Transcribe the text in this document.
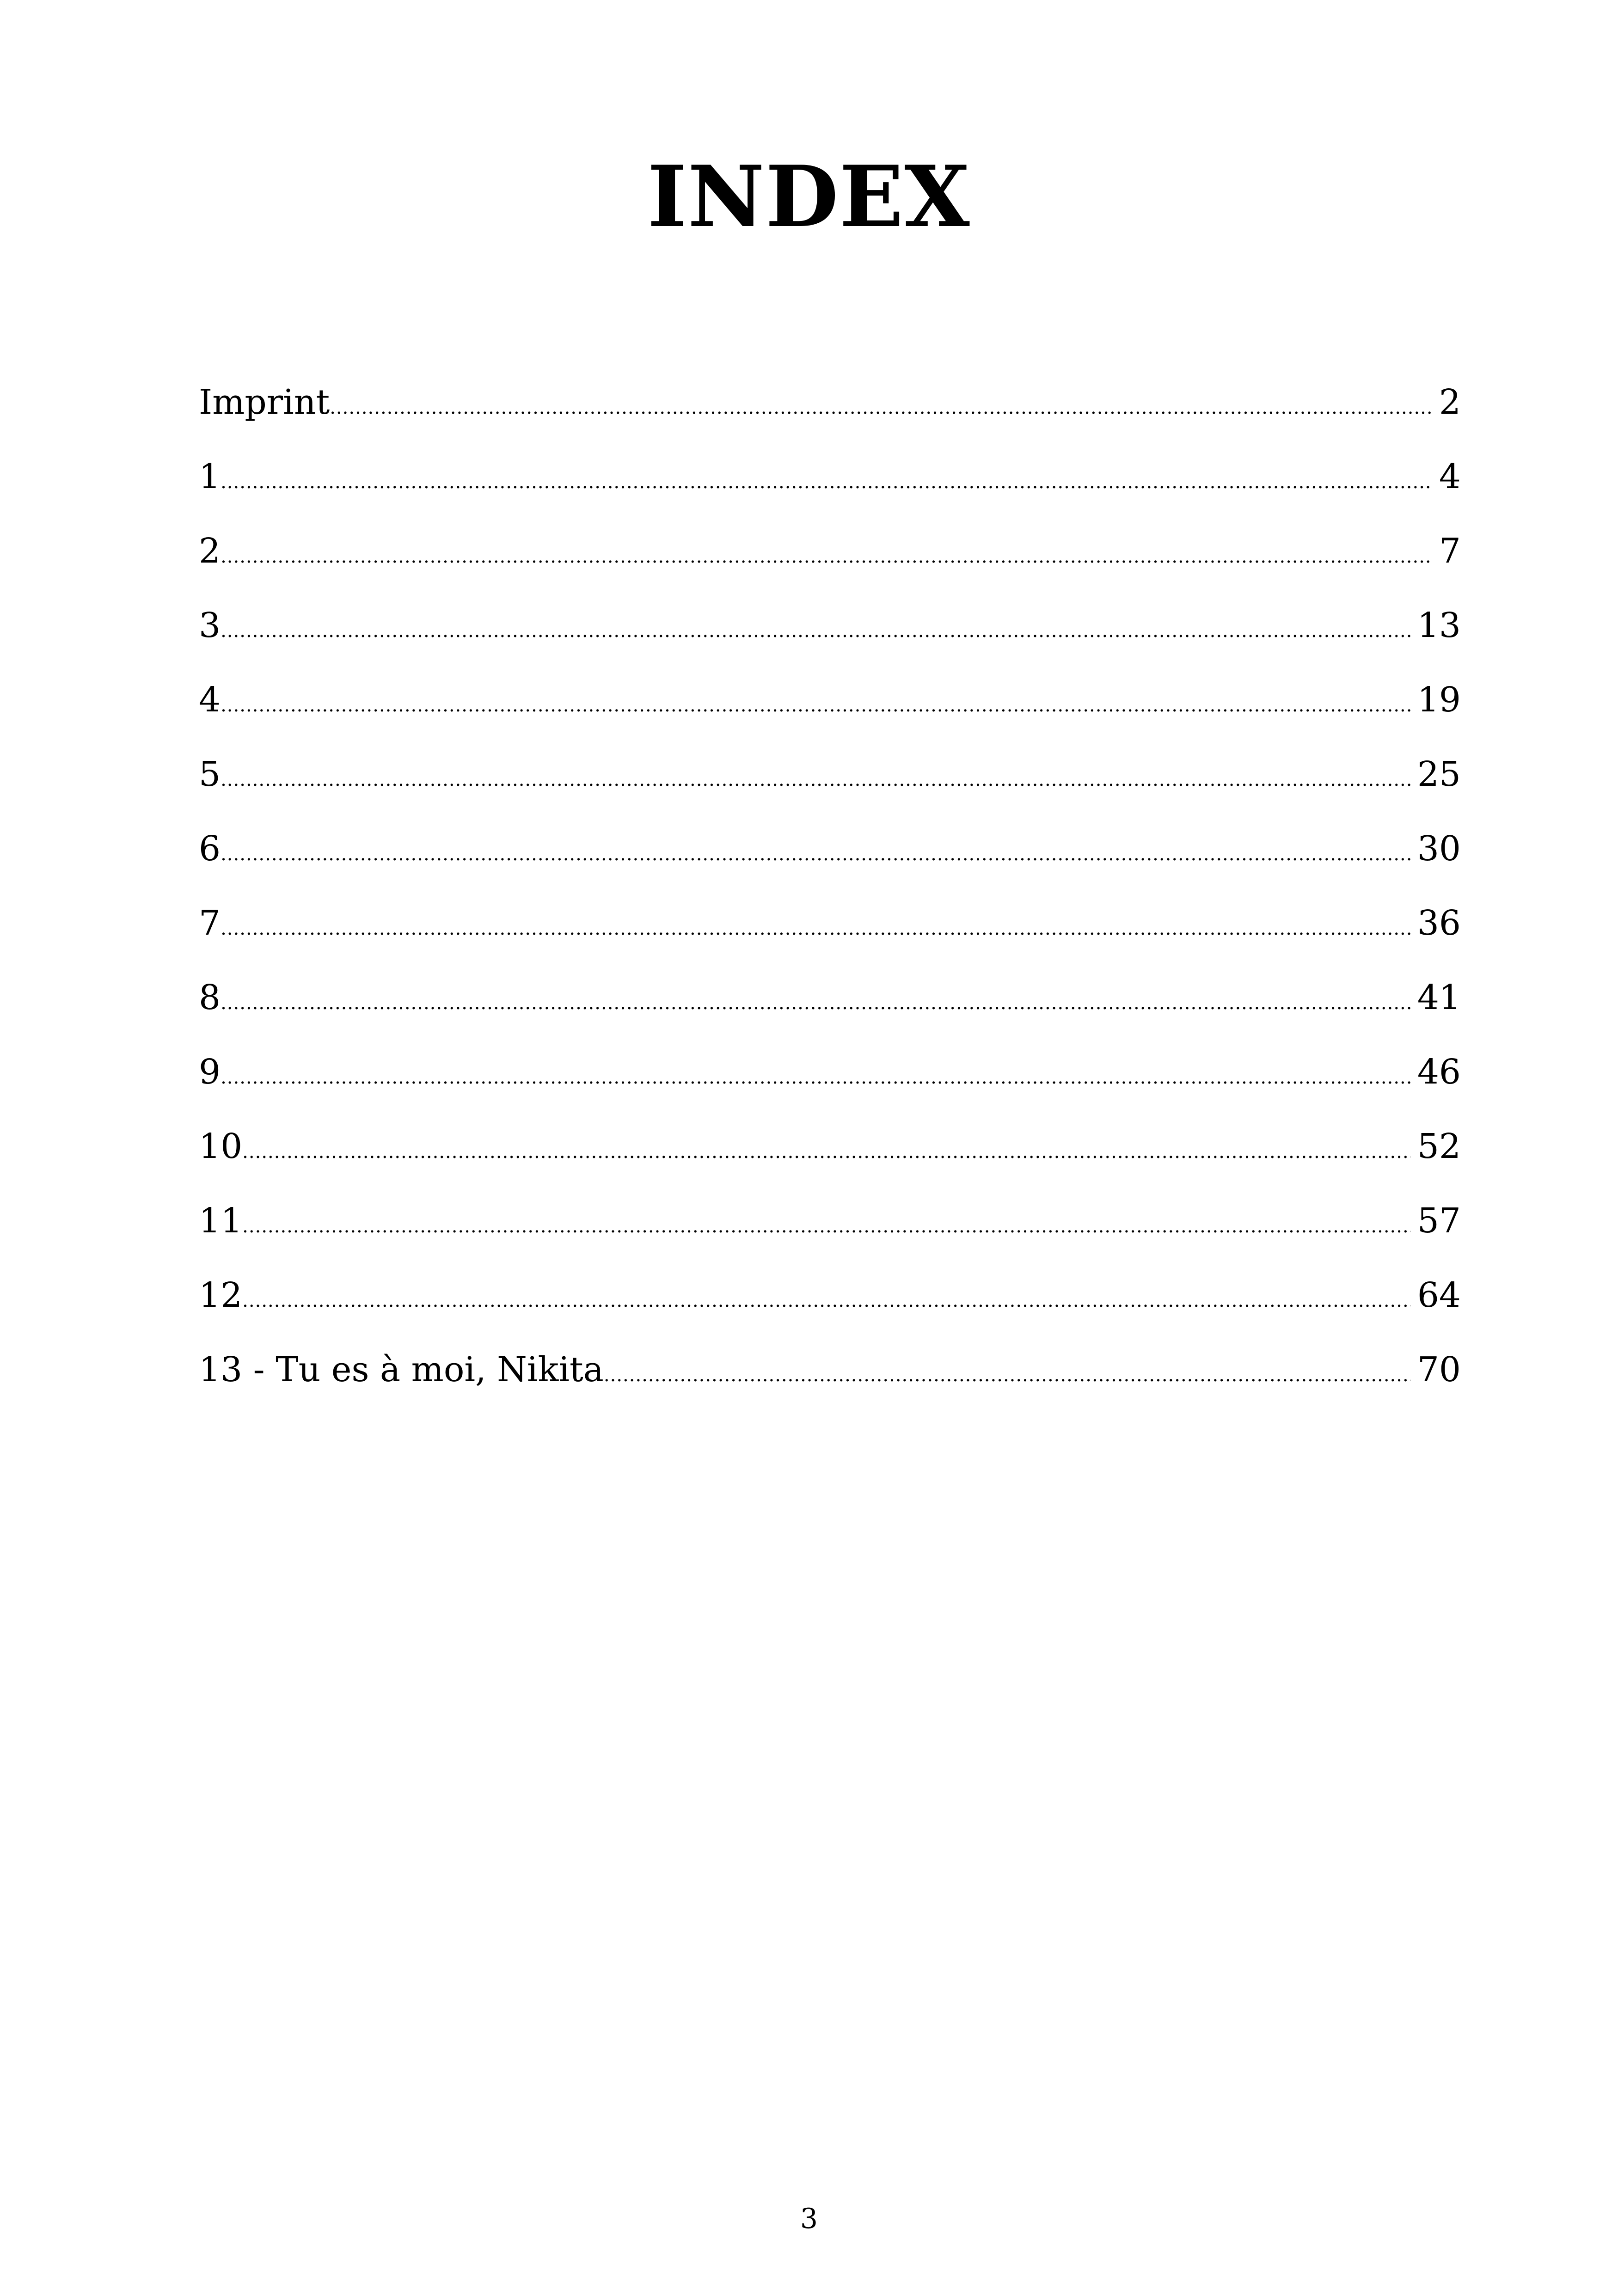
INDEX
Imprint .....	2
1 .....	4
2 .....	7
3 .....	13
4 .....	19
5 .....	25
6 .....	30
7 .....	36
8 .....	41
9 .....	46
10 .....	52
11 .....	57
12 .....	64
13 - Tu es à moi, Nikita .....	70
3
